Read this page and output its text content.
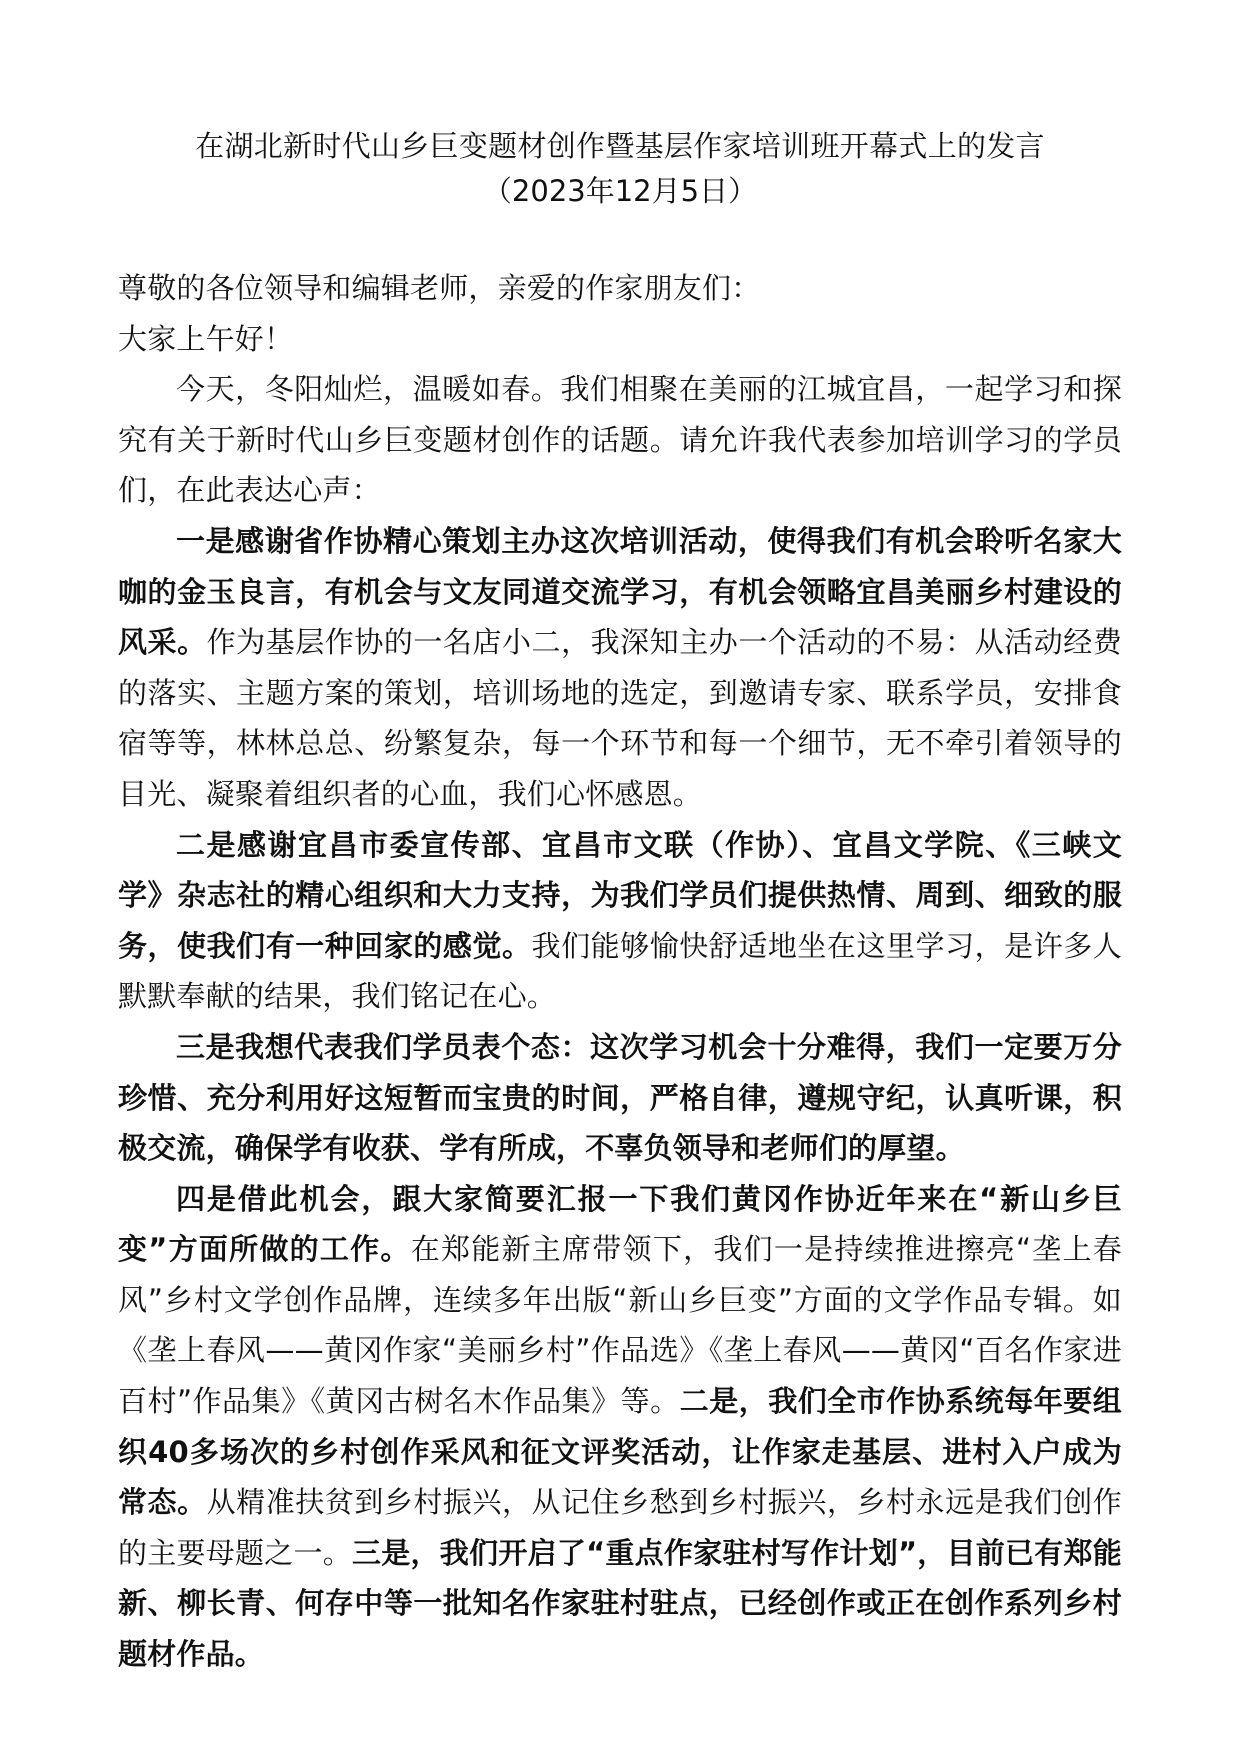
在湖北新时代山乡巨变题材创作暨基层作家培训班开幕式上的发言

（2023年12月5日）

尊敬的各位领导和编辑老师，亲爱的作家朋友们：

大家上午好！

今天，冬阳灿烂，温暖如春。我们相聚在美丽的江城宜昌，一起学习和探究有关于新时代山乡巨变题材创作的话题。请允许我代表参加培训学习的学员们，在此表达心声：

一是感谢省作协精心策划主办这次培训活动，使得我们有机会聆听名家大咖的金玉良言，有机会与文友同道交流学习，有机会领略宜昌美丽乡村建设的风采。作为基层作协的一名店小二，我深知主办一个活动的不易：从活动经费的落实、主题方案的策划，培训场地的选定，到邀请专家、联系学员，安排食宿等等，林林总总、纷繁复杂，每一个环节和每一个细节，无不牵引着领导的目光、凝聚着组织者的心血，我们心怀感恩。

二是感谢宜昌市委宣传部、宜昌市文联（作协）、宜昌文学院、《三峡文学》杂志社的精心组织和大力支持，为我们学员们提供热情、周到、细致的服务，使我们有一种回家的感觉。我们能够愉快舒适地坐在这里学习，是许多人默默奉献的结果，我们铭记在心。

三是我想代表我们学员表个态：这次学习机会十分难得，我们一定要万分珍惜、充分利用好这短暂而宝贵的时间，严格自律，遵规守纪，认真听课，积极交流，确保学有收获、学有所成，不辜负领导和老师们的厚望。

四是借此机会，跟大家简要汇报一下我们黄冈作协近年来在“新山乡巨变”方面所做的工作。在郑能新主席带领下，我们一是持续推进擦亮“垄上春风”乡村文学创作品牌，连续多年出版“新山乡巨变”方面的文学作品专辑。如《垄上春风——黄冈作家“美丽乡村”作品选》《垄上春风——黄冈“百名作家进百村”作品集》《黄冈古树名木作品集》等。二是，我们全市作协系统每年要组织40多场次的乡村创作采风和征文评奖活动，让作家走基层、进村入户成为常态。从精准扶贫到乡村振兴，从记住乡愁到乡村振兴，乡村永远是我们创作的主要母题之一。三是，我们开启了“重点作家驻村写作计划”，目前已有郑能新、柳长青、何存中等一批知名作家驻村驻点，已经创作或正在创作系列乡村题材作品。
